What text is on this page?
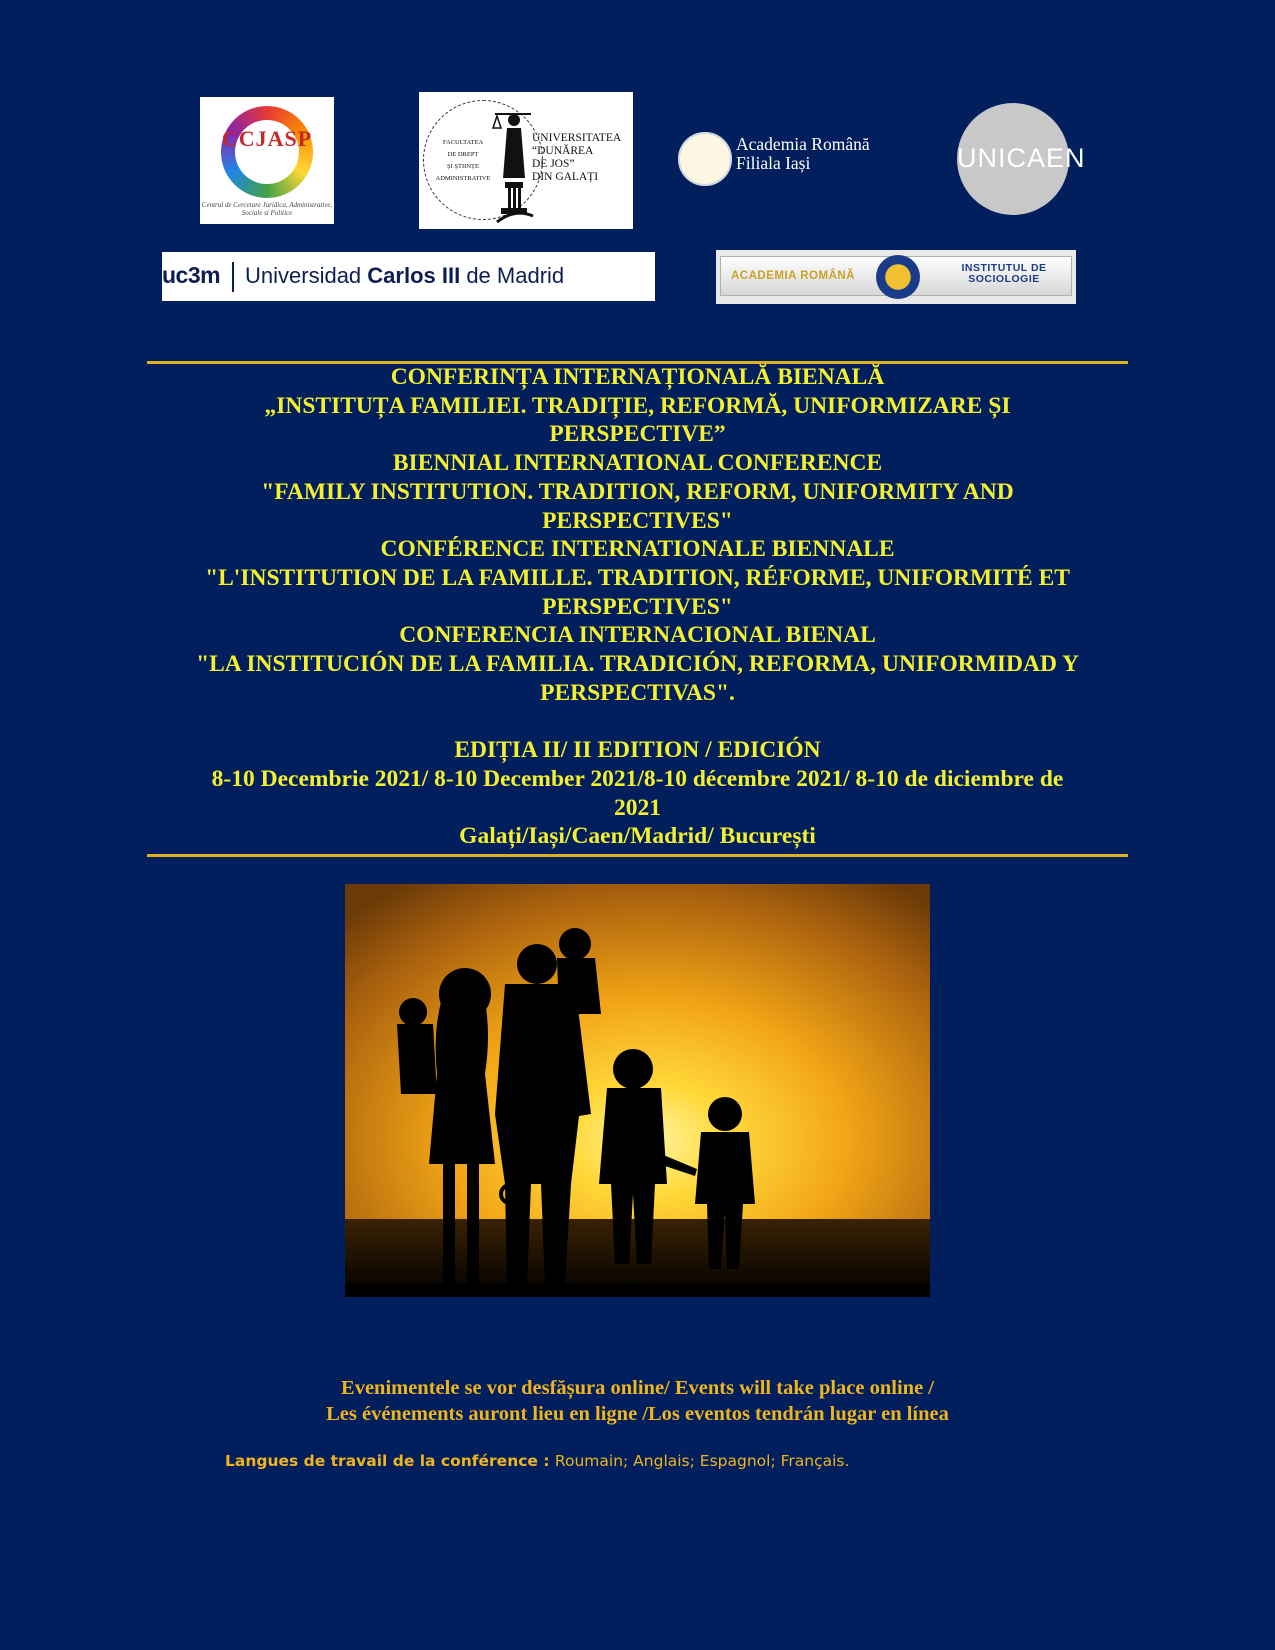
CCJASP
Centrul de Cercetare Juridica, Administrative, Sociale si Politice
FACULTATEA
DE DREPT
ȘI ȘTIINȚE
ADMINISTRATIVE
UNIVERSITATEA
“DUNĂREA
DE JOS”
DIN GALAȚI
Academia Română
Filiala Iași	UNICAEN
uc3m Universidad Carlos III de Madrid	ACADEMIA ROMÂNĂ
INSTITUTUL DE
SOCIOLOGIE
CONFERINȚA INTERNAȚIONALĂ BIENALĂ
„INSTITUȚA FAMILIEI. TRADIȚIE, REFORMĂ, UNIFORMIZARE ȘI
PERSPECTIVE”
BIENNIAL INTERNATIONAL CONFERENCE
"FAMILY INSTITUTION. TRADITION, REFORM, UNIFORMITY AND
PERSPECTIVES"
CONFÉRENCE INTERNATIONALE BIENNALE
"L'INSTITUTION DE LA FAMILLE. TRADITION, RÉFORME, UNIFORMITÉ ET
PERSPECTIVES"
CONFERENCIA INTERNACIONAL BIENAL
"LA INSTITUCIÓN DE LA FAMILIA. TRADICIÓN, REFORMA, UNIFORMIDAD Y
PERSPECTIVAS".
EDIȚIA II/ II EDITION / EDICIÓN
8-10 Decembrie 2021/ 8-10 December 2021/8-10 décembre 2021/ 8-10 de diciembre de
2021
Galați/Iași/Caen/Madrid/ București
Evenimentele se vor desfășura online/ Events will take place online /
Les événements auront lieu en ligne /Los eventos tendrán lugar en línea
Langues de travail de la conférence : Roumain; Anglais; Espagnol; Français.
